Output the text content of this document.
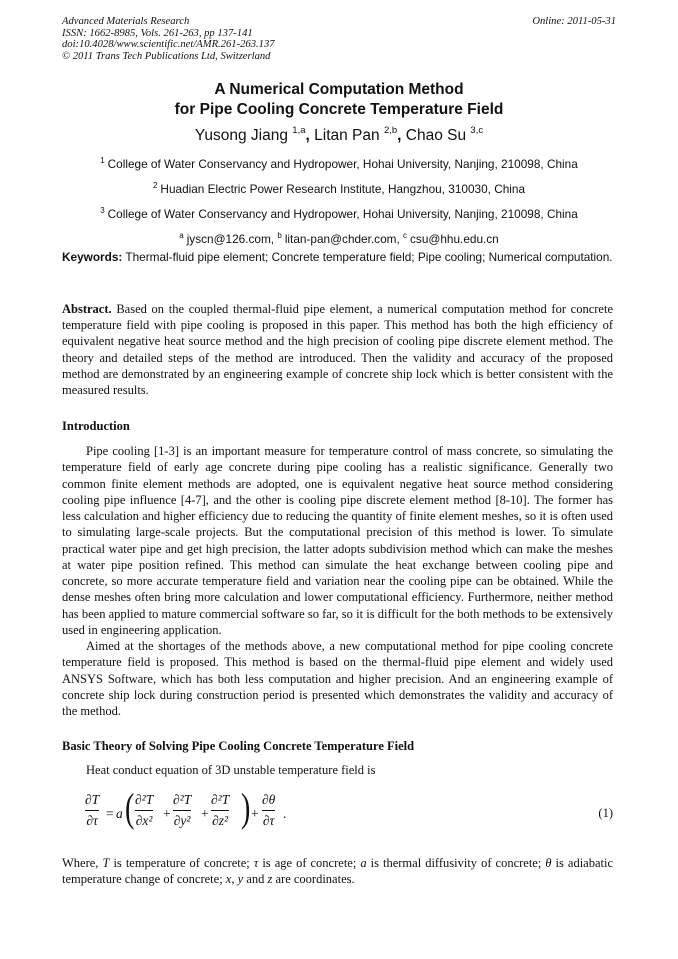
Advanced Materials Research
ISSN: 1662-8985, Vols. 261-263, pp 137-141
doi:10.4028/www.scientific.net/AMR.261-263.137
© 2011 Trans Tech Publications Ltd, Switzerland
Online: 2011-05-31
A Numerical Computation Method
for Pipe Cooling Concrete Temperature Field
Yusong Jiang $^{1,a}$, Litan Pan $^{2,b}$, Chao Su $^{3,c}$
$^1$ College of Water Conservancy and Hydropower, Hohai University, Nanjing, 210098, China
$^2$ Huadian Electric Power Research Institute, Hangzhou, 310030, China
$^3$ College of Water Conservancy and Hydropower, Hohai University, Nanjing, 210098, China
$^a$ jyscn@126.com, $^b$ litan-pan@chder.com, $^c$ csu@hhu.edu.cn
Keywords: Thermal-fluid pipe element; Concrete temperature field; Pipe cooling; Numerical computation.
Abstract. Based on the coupled thermal-fluid pipe element, a numerical computation method for concrete temperature field with pipe cooling is proposed in this paper. This method has both the high efficiency of equivalent negative heat source method and the high precision of cooling pipe discrete element method. The theory and detailed steps of the method are introduced. Then the validity and accuracy of the proposed method are demonstrated by an engineering example of concrete ship lock which is better consistent with the measured results.
Introduction

Pipe cooling [1-3] is an important measure for temperature control of mass concrete, so simulating the temperature field of early age concrete during pipe cooling has a realistic significance. Generally two common finite element methods are adopted, one is equivalent negative heat source method considering cooling pipe influence [4-7], and the other is cooling pipe discrete element method [8-10]. The former has less calculation and higher efficiency due to reducing the quantity of finite element meshes, so it is often used to simulating large-scale projects. But the computational precision of this method is lower. To simulate practical water pipe and get high precision, the latter adopts subdivision method which can make the meshes at water pipe position refined. This method can simulate the heat exchange between cooling pipe and concrete, so more accurate temperature field and variation near the cooling pipe can be obtained. While the dense meshes often bring more calculation and lower computational efficiency. Furthermore, neither method has been applied to mature commercial software so far, so it is difficult for the both methods to be extensively used in engineering application.

Aimed at the shortages of the methods above, a new computational method for pipe cooling concrete temperature field is proposed. This method is based on the thermal-fluid pipe element and widely used ANSYS Software, which has both less computation and higher precision. And an engineering example of concrete ship lock during construction period is presented which demonstrates the validity and accuracy of the method.

Basic Theory of Solving Pipe Cooling Concrete Temperature Field
Heat conduct equation of 3D unstable temperature field is
∂T
∂τ = a ( ∂²T
∂x² +
∂²T
∂y² +
∂²T
∂z² ) +
∂θ
∂τ .	(1)
Where, T is temperature of concrete; τ is age of concrete; a is thermal diffusivity of concrete; θ is adiabatic temperature change of concrete; x, y and z are coordinates.
